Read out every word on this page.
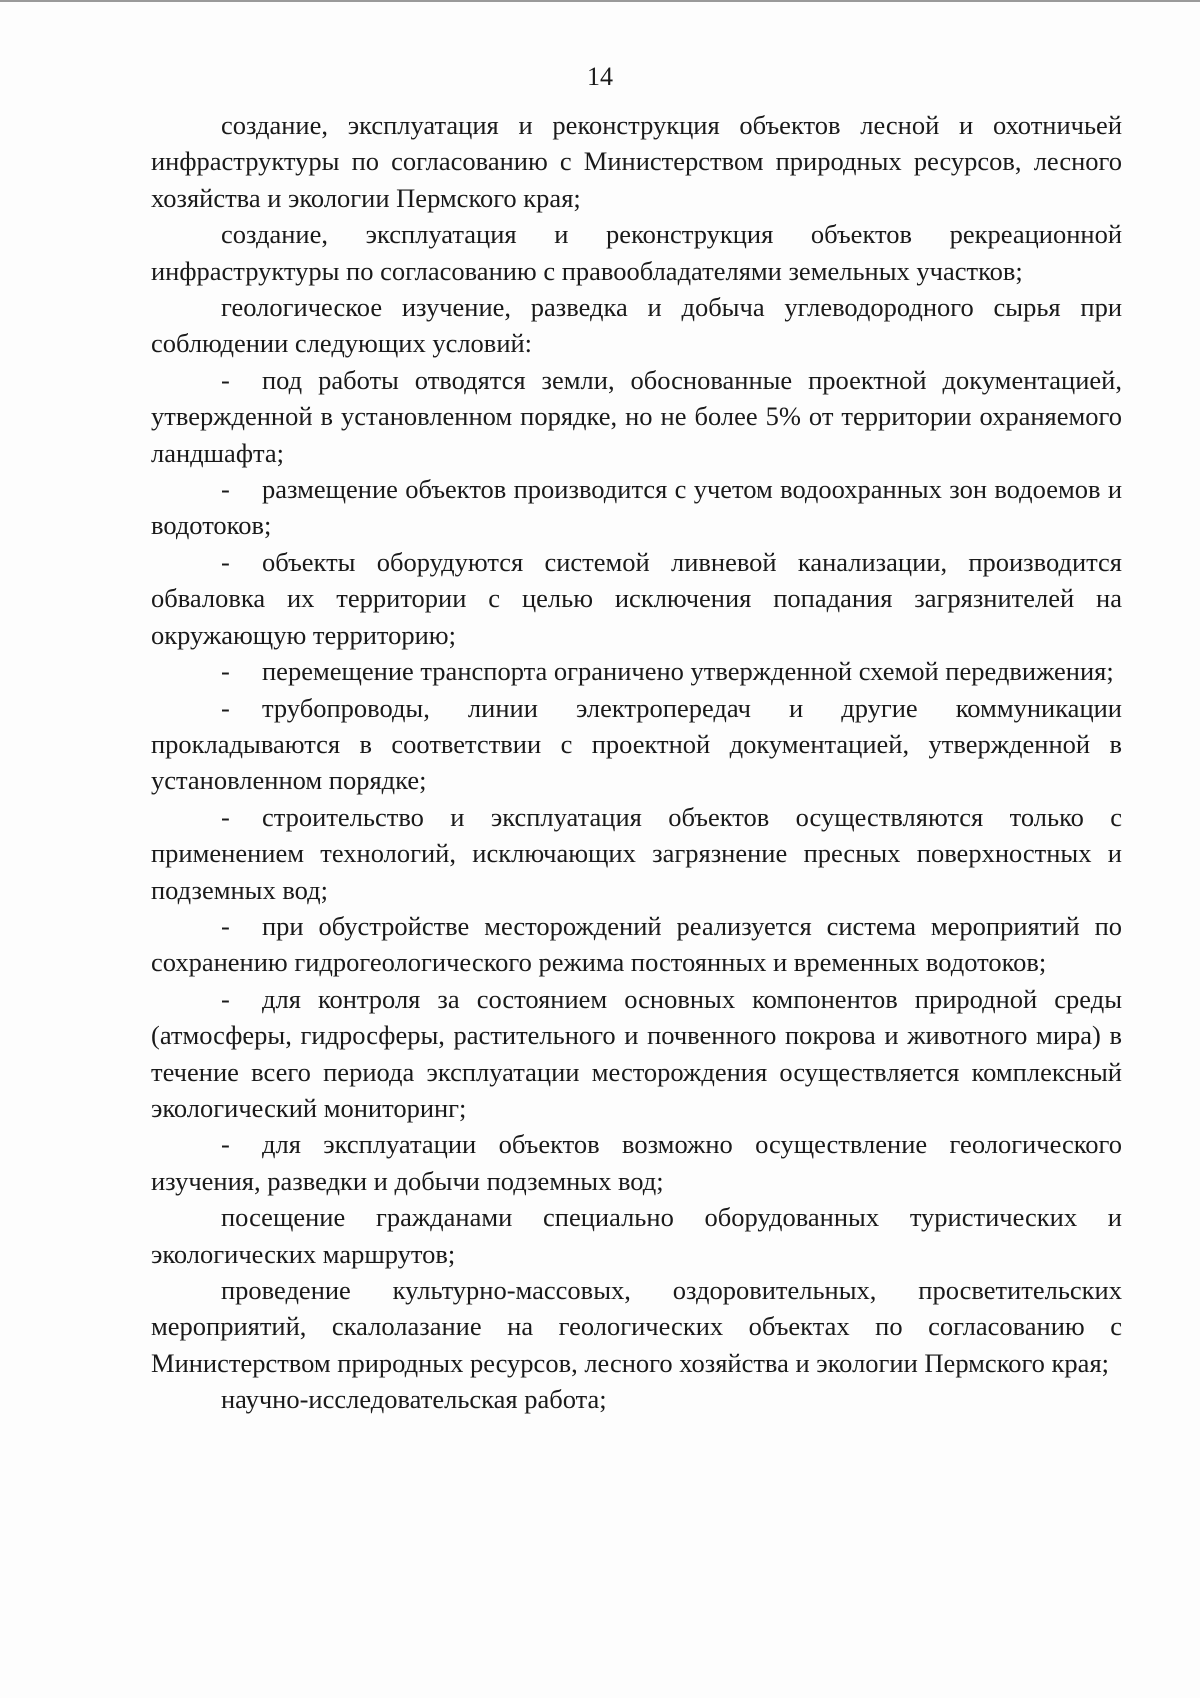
14

создание, эксплуатация и реконструкция объектов лесной и охотничьей инфраструктуры по согласованию с Министерством природных ресурсов, лесного хозяйства и экологии Пермского края;

создание, эксплуатация и реконструкция объектов рекреационной инфраструктуры по согласованию с правообладателями земельных участков;

геологическое изучение, разведка и добыча углеводородного сырья при соблюдении следующих условий:

- под работы отводятся земли, обоснованные проектной документацией, утвержденной в установленном порядке, но не более 5% от территории охраняемого ландшафта;

- размещение объектов производится с учетом водоохранных зон водоемов и водотоков;

- объекты оборудуются системой ливневой канализации, производится обваловка их территории с целью исключения попадания загрязнителей на окружающую территорию;

- перемещение транспорта ограничено утвержденной схемой передвижения;

- трубопроводы, линии электропередач и другие коммуникации прокладываются в соответствии с проектной документацией, утвержденной в установленном порядке;

- строительство и эксплуатация объектов осуществляются только с применением технологий, исключающих загрязнение пресных поверхностных и подземных вод;

- при обустройстве месторождений реализуется система мероприятий по сохранению гидрогеологического режима постоянных и временных водотоков;

- для контроля за состоянием основных компонентов природной среды (атмосферы, гидросферы, растительного и почвенного покрова и животного мира) в течение всего периода эксплуатации месторождения осуществляется комплексный экологический мониторинг;

- для эксплуатации объектов возможно осуществление геологического изучения, разведки и добычи подземных вод;

посещение гражданами специально оборудованных туристических и экологических маршрутов;

проведение культурно-массовых, оздоровительных, просветительских мероприятий, скалолазание на геологических объектах по согласованию с Министерством природных ресурсов, лесного хозяйства и экологии Пермского края;

научно-исследовательская работа;
